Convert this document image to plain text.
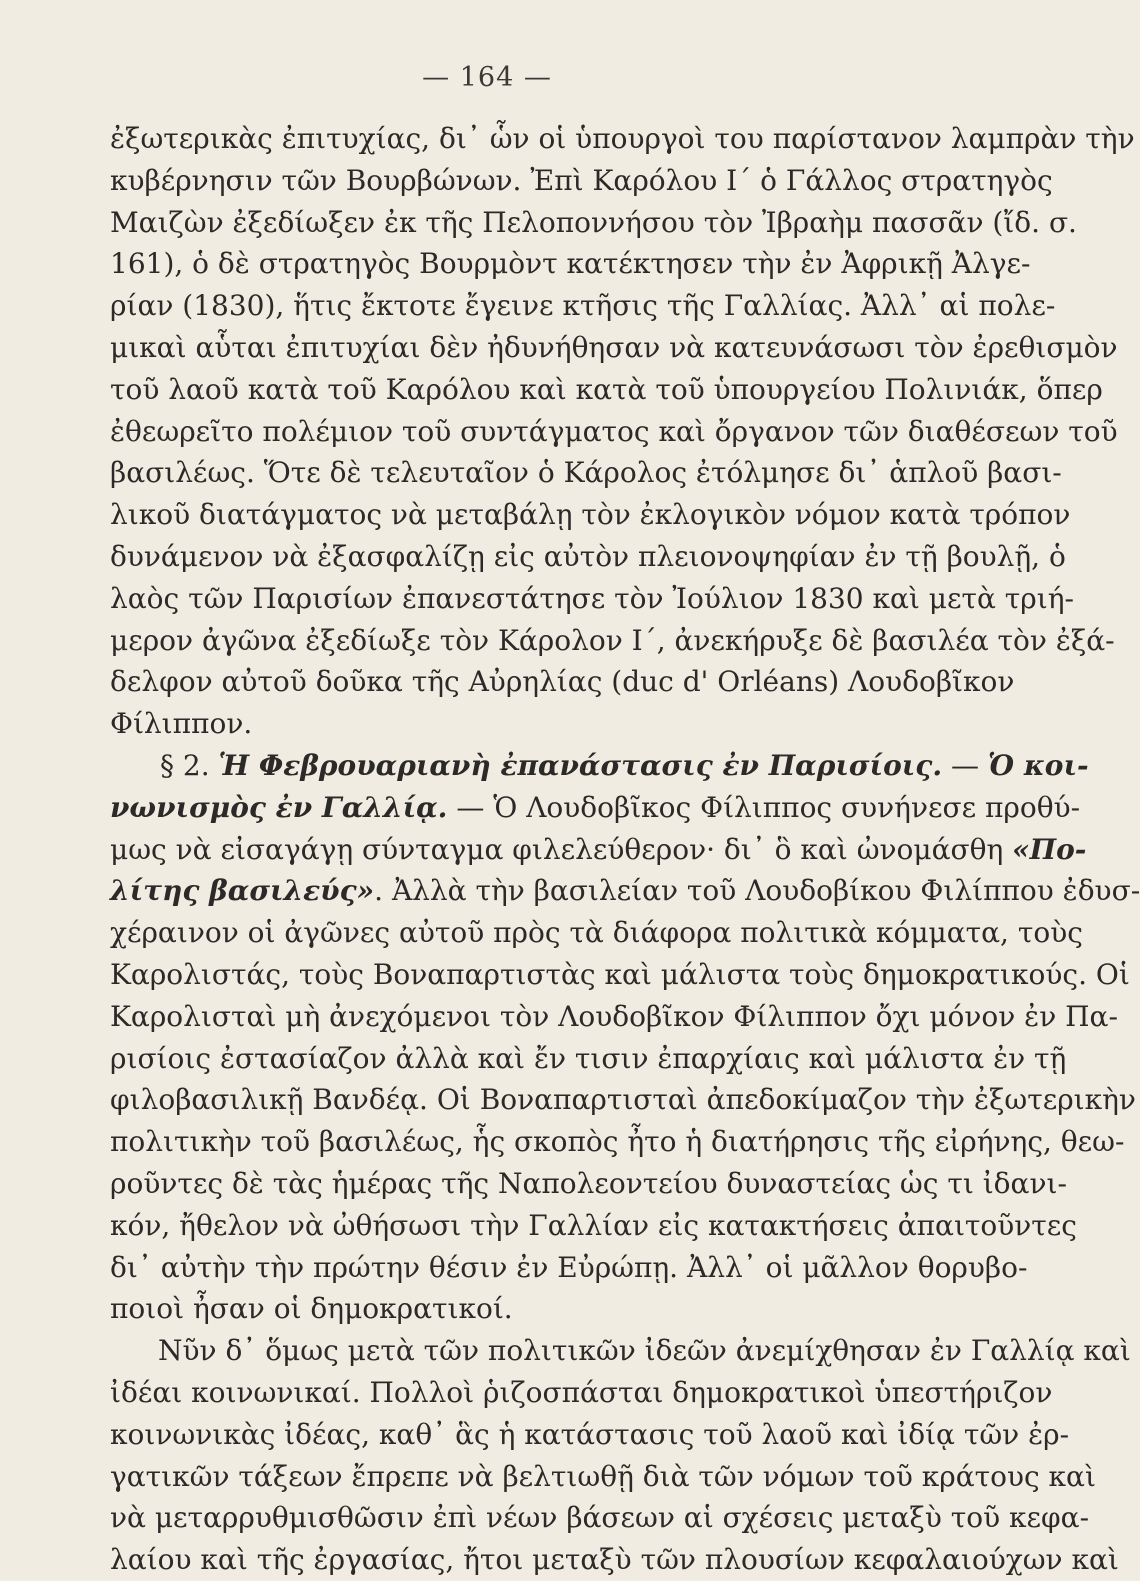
— 164 —
ἐξωτερικὰς ἐπιτυχίας, δι᾿ ὧν οἱ ὑπουργοὶ του παρίστανον λαμπρὰν τὴν
κυβέρνησιν τῶν Βουρβώνων. Ἐπὶ Καρόλου Ι΄ ὁ Γάλλος στρατηγὸς
Μαιζὼν ἐξεδίωξεν ἐκ τῆς Πελοποννήσου τὸν Ἰβραὴμ πασσᾶν (ἴδ. σ.
161), ὁ δὲ στρατηγὸς Βουρμὸντ κατέκτησεν τὴν ἐν Ἀφρικῇ Ἀλγε-
ρίαν (1830), ἥτις ἔκτοτε ἔγεινε κτῆσις τῆς Γαλλίας. Ἀλλ᾿ αἱ πολε-
μικαὶ αὗται ἐπιτυχίαι δὲν ἠδυνήθησαν νὰ κατευνάσωσι τὸν ἐρεθισμὸν
τοῦ λαοῦ κατὰ τοῦ Καρόλου καὶ κατὰ τοῦ ὑπουργείου Πολινιάκ, ὅπερ
ἐθεωρεῖτο πολέμιον τοῦ συντάγματος καὶ ὄργανον τῶν διαθέσεων τοῦ
βασιλέως. Ὅτε δὲ τελευταῖον ὁ Κάρολος ἐτόλμησε δι᾿ ἁπλοῦ βασι-
λικοῦ διατάγματος νὰ μεταβάλῃ τὸν ἐκλογικὸν νόμον κατὰ τρόπον
δυνάμενον νὰ ἐξασφαλίζῃ εἰς αὐτὸν πλειονοψηφίαν ἐν τῇ βουλῇ, ὁ
λαὸς τῶν Παρισίων ἐπανεστάτησε τὸν Ἰούλιον 1830 καὶ μετὰ τριή-
μερον ἀγῶνα ἐξεδίωξε τὸν Κάρολον Ι΄, ἀνεκήρυξε δὲ βασιλέα τὸν ἐξά-
δελφον αὐτοῦ δοῦκα τῆς Αὐρηλίας (duc d' Orléans) Λουδοβῖκον
Φίλιππον.
§ 2. Ἡ Φεβρουαριανὴ ἐπανάστασις ἐν Παρισίοις. — Ὁ κοι-
νωνισμὸς ἐν Γαλλίᾳ. — Ὁ Λουδοβῖκος Φίλιππος συνήνεσε προθύ-
μως νὰ εἰσαγάγῃ σύνταγμα φιλελεύθερον· δι᾿ ὃ καὶ ὠνομάσθη «Πο-
λίτης βασιλεύς». Ἀλλὰ τὴν βασιλείαν τοῦ Λουδοβίκου Φιλίππου ἐδυσ-
χέραινον οἱ ἀγῶνες αὐτοῦ πρὸς τὰ διάφορα πολιτικὰ κόμματα, τοὺς
Καρολιστάς, τοὺς Βοναπαρτιστὰς καὶ μάλιστα τοὺς δημοκρατικούς. Οἱ
Καρολισταὶ μὴ ἀνεχόμενοι τὸν Λουδοβῖκον Φίλιππον ὄχι μόνον ἐν Πα-
ρισίοις ἐστασίαζον ἀλλὰ καὶ ἔν τισιν ἐπαρχίαις καὶ μάλιστα ἐν τῇ
φιλοβασιλικῇ Βανδέᾳ. Οἱ Βοναπαρτισταὶ ἀπεδοκίμαζον τὴν ἐξωτερικὴν
πολιτικὴν τοῦ βασιλέως, ἧς σκοπὸς ἦτο ἡ διατήρησις τῆς εἰρήνης, θεω-
ροῦντες δὲ τὰς ἡμέρας τῆς Ναπολεοντείου δυναστείας ὡς τι ἰδανι-
κόν, ἤθελον νὰ ὠθήσωσι τὴν Γαλλίαν εἰς κατακτήσεις ἀπαιτοῦντες
δι᾿ αὐτὴν τὴν πρώτην θέσιν ἐν Εὐρώπῃ. Ἀλλ᾿ οἱ μᾶλλον θορυβο-
ποιοὶ ἦσαν οἱ δημοκρατικοί.
Νῦν δ᾿ ὅμως μετὰ τῶν πολιτικῶν ἰδεῶν ἀνεμίχθησαν ἐν Γαλλίᾳ καὶ
ἰδέαι κοινωνικαί. Πολλοὶ ῥιζοσπάσται δημοκρατικοὶ ὑπεστήριζον
κοινωνικὰς ἰδέας, καθ᾿ ἃς ἡ κατάστασις τοῦ λαοῦ καὶ ἰδίᾳ τῶν ἐρ-
γατικῶν τάξεων ἔπρεπε νὰ βελτιωθῇ διὰ τῶν νόμων τοῦ κράτους καὶ
νὰ μεταρρυθμισθῶσιν ἐπὶ νέων βάσεων αἱ σχέσεις μεταξὺ τοῦ κεφα-
λαίου καὶ τῆς ἐργασίας, ἤτοι μεταξὺ τῶν πλουσίων κεφαλαιούχων καὶ
